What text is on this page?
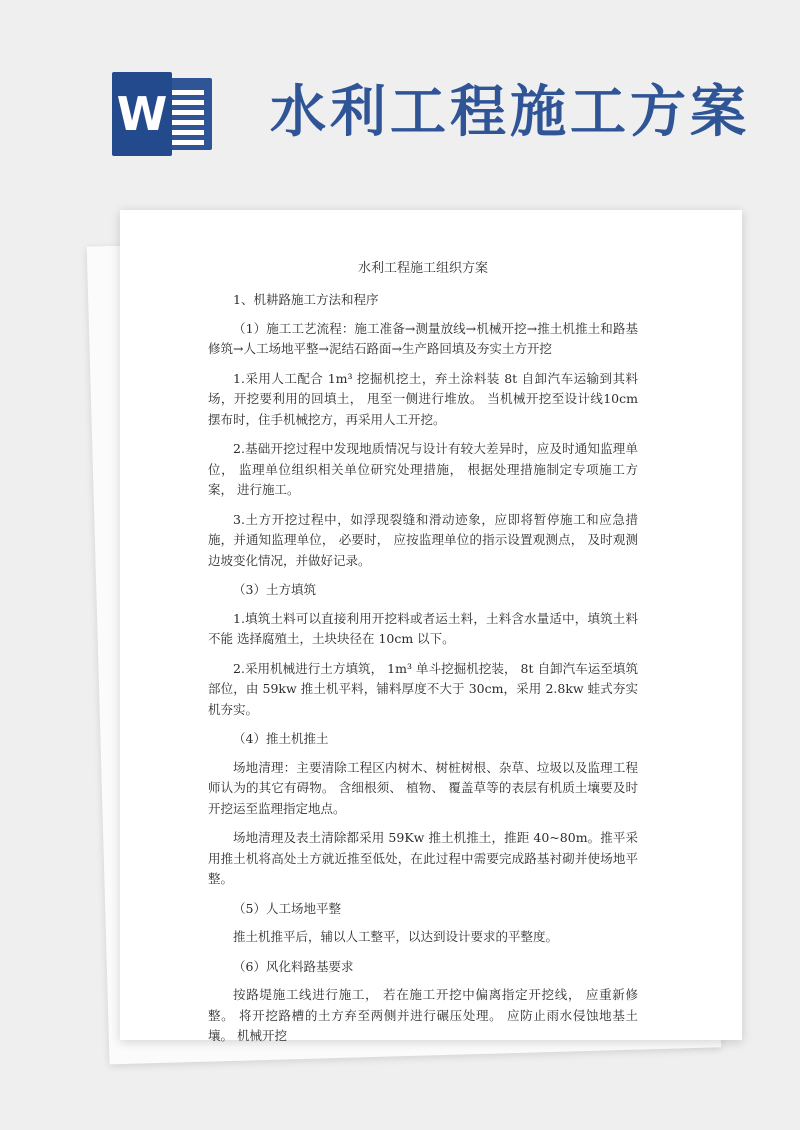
W 水利工程施工方案
水利工程施工组织方案

1、机耕路施工方法和程序

（1）施工工艺流程：施工准备→测量放线→机械开挖→推土机推土和路基修筑→人工场地平整→泥结石路面→生产路回填及夯实土方开挖

1.采用人工配合 1m³ 挖掘机挖土，弃土涂料装 8t 自卸汽车运输到其料场，开挖要利用的回填土， 甩至一侧进行堆放。 当机械开挖至设计线10cm 摆布时，住手机械挖方，再采用人工开挖。

2.基础开挖过程中发现地质情况与设计有较大差异时，应及时通知监理单位， 监理单位组织相关单位研究处理措施， 根据处理措施制定专项施工方案， 进行施工。

3.土方开挖过程中，如浮现裂缝和滑动迹象，应即将暂停施工和应急措施，并通知监理单位， 必要时， 应按监理单位的指示设置观测点， 及时观测边坡变化情况，并做好记录。

（3）土方填筑

1.填筑土料可以直接利用开挖料或者运土料，土料含水量适中，填筑土料不能 选择腐殖土，土块块径在 10cm 以下。

2.采用机械进行土方填筑， 1m³ 单斗挖掘机挖装， 8t 自卸汽车运至填筑部位，由 59kw 推土机平料，铺料厚度不大于 30cm，采用 2.8kw 蛙式夯实机夯实。

（4）推土机推土

场地清理：主要清除工程区内树木、树桩树根、杂草、垃圾以及监理工程师认为的其它有碍物。 含细根须、 植物、 覆盖草等的表层有机质土壤要及时开挖运至监理指定地点。

场地清理及表土清除都采用 59Kw 推土机推土，推距 40~80m。推平采用推土机将高处土方就近推至低处，在此过程中需要完成路基衬砌并使场地平整。

（5）人工场地平整

推土机推平后，辅以人工整平，以达到设计要求的平整度。

（6）风化料路基要求

按路堤施工线进行施工， 若在施工开挖中偏离指定开挖线， 应重新修整。 将开挖路槽的土方弃至两侧并进行碾压处理。 应防止雨水侵蚀地基土壤。 机械开挖
